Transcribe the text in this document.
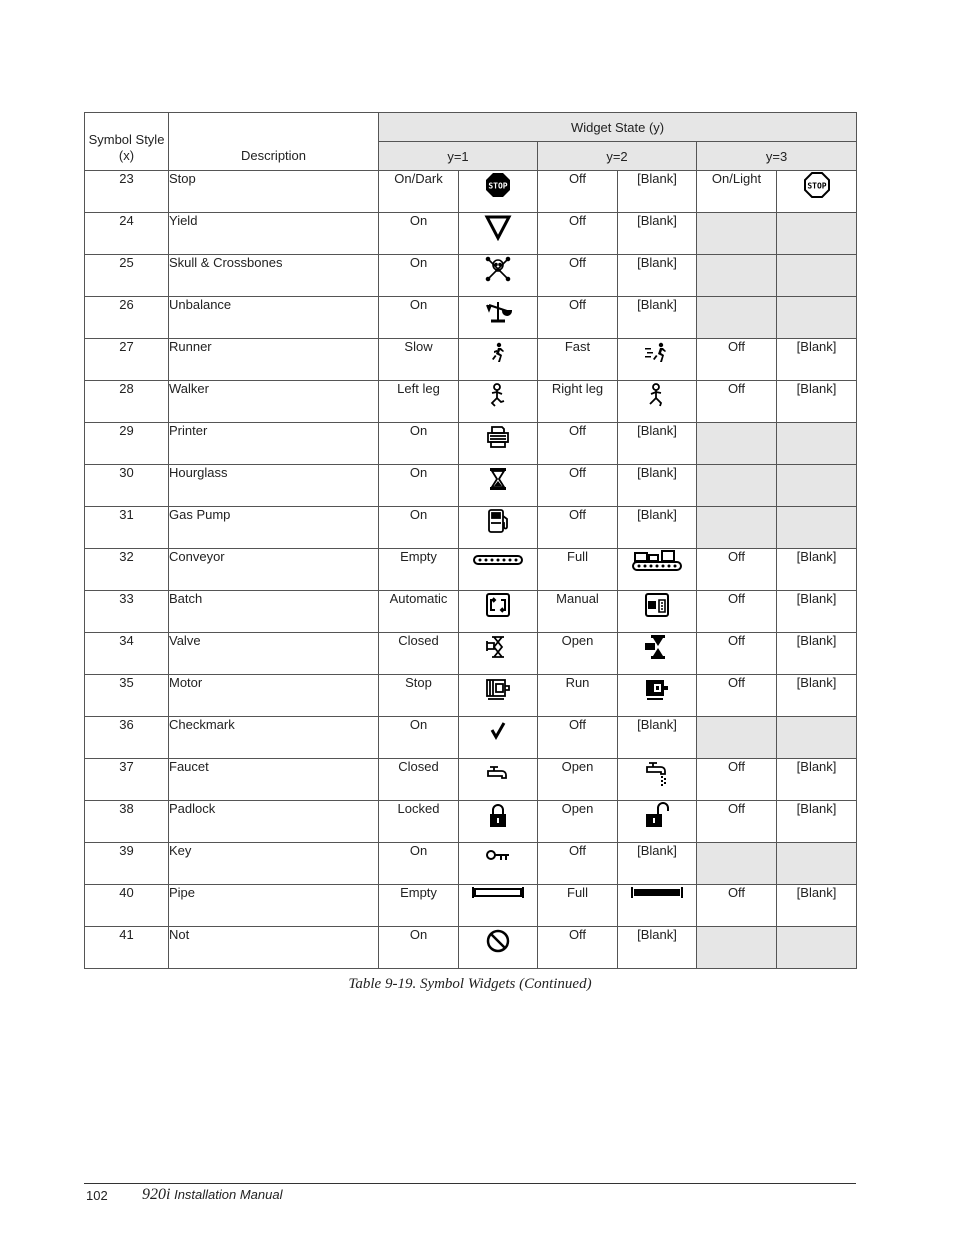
Symbol Style (x)	Description	Widget State (y)					
		y=1		y=2		y=3	
23	Stop	On/Dark	STOP	Off	[Blank]	On/Light	STOP

24	Yield	On		Off	[Blank]		
25	Skull & Crossbones	On		Off	[Blank]		
26	Unbalance	On		Off	[Blank]		
27	Runner	Slow		Fast		Off	[Blank]
28	Walker	Left leg		Right leg		Off	[Blank]
29	Printer	On		Off	[Blank]		
30	Hourglass	On		Off	[Blank]		
31	Gas Pump	On		Off	[Blank]		
32	Conveyor	Empty		Full		Off	[Blank]
33	Batch	Automatic		Manual		Off	[Blank]
34	Valve	Closed		Open		Off	[Blank]
35	Motor	Stop		Run		Off	[Blank]
36	Checkmark	On		Off	[Blank]		
37	Faucet	Closed		Open		Off	[Blank]
38	Padlock	Locked		Open		Off	[Blank]
39	Key	On		Off	[Blank]		
40	Pipe	Empty		Full		Off	[Blank]
41	Not	On		Off	[Blank]		
Table 9-19. Symbol Widgets (Continued)
102 920i Installation Manual
